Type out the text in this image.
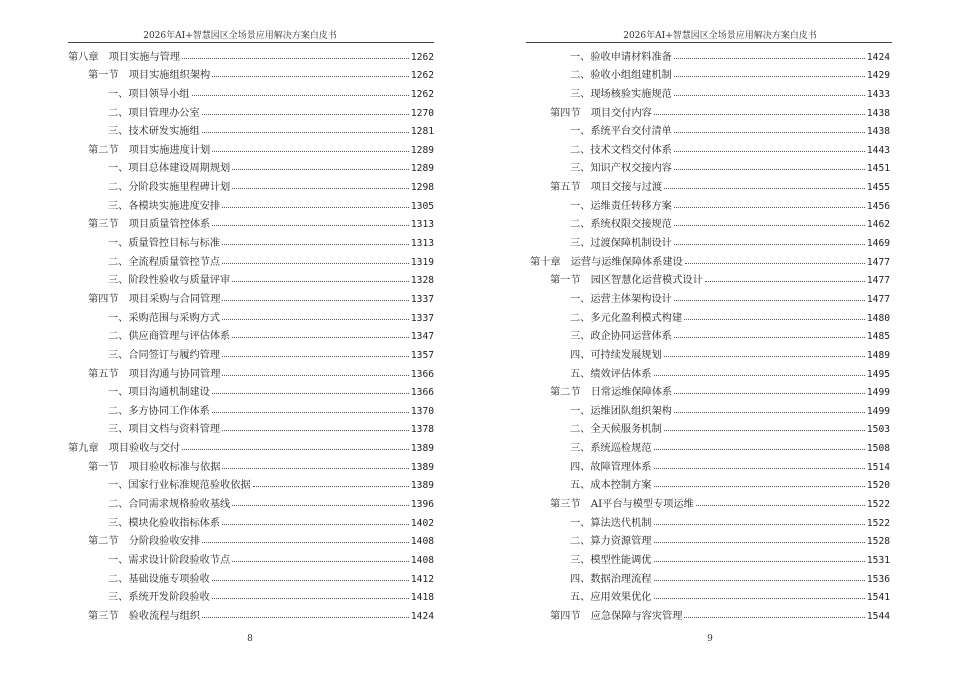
2026年AI+智慧园区全场景应用解决方案白皮书
第八章　项目实施与管理	1262
第一节　项目实施组织架构	1262
一、项目领导小组	1262
二、项目管理办公室	1270
三、技术研发实施组	1281
第二节　项目实施进度计划	1289
一、项目总体建设周期规划	1289
二、分阶段实施里程碑计划	1298
三、各模块实施进度安排	1305
第三节　项目质量管控体系	1313
一、质量管控目标与标准	1313
二、全流程质量管控节点	1319
三、阶段性验收与质量评审	1328
第四节　项目采购与合同管理	1337
一、采购范围与采购方式	1337
二、供应商管理与评估体系	1347
三、合同签订与履约管理	1357
第五节　项目沟通与协同管理	1366
一、项目沟通机制建设	1366
二、多方协同工作体系	1370
三、项目文档与资料管理	1378
第九章　项目验收与交付	1389
第一节　项目验收标准与依据	1389
一、国家行业标准规范验收依据	1389
二、合同需求规格验收基线	1396
三、模块化验收指标体系	1402
第二节　分阶段验收安排	1408
一、需求设计阶段验收节点	1408
二、基础设施专项验收	1412
三、系统开发阶段验收	1418
第三节　验收流程与组织	1424
8
2026年AI+智慧园区全场景应用解决方案白皮书
一、验收申请材料准备	1424
二、验收小组组建机制	1429
三、现场核验实施规范	1433
第四节　项目交付内容	1438
一、系统平台交付清单	1438
二、技术文档交付体系	1443
三、知识产权交接内容	1451
第五节　项目交接与过渡	1455
一、运维责任转移方案	1456
二、系统权限交接规范	1462
三、过渡保障机制设计	1469
第十章　运营与运维保障体系建设	1477
第一节　园区智慧化运营模式设计	1477
一、运营主体架构设计	1477
二、多元化盈利模式构建	1480
三、政企协同运营体系	1485
四、可持续发展规划	1489
五、绩效评估体系	1495
第二节　日常运维保障体系	1499
一、运维团队组织架构	1499
二、全天候服务机制	1503
三、系统巡检规范	1508
四、故障管理体系	1514
五、成本控制方案	1520
第三节　AI平台与模型专项运维	1522
一、算法迭代机制	1522
二、算力资源管理	1528
三、模型性能调优	1531
四、数据治理流程	1536
五、应用效果优化	1541
第四节　应急保障与容灾管理	1544
9
